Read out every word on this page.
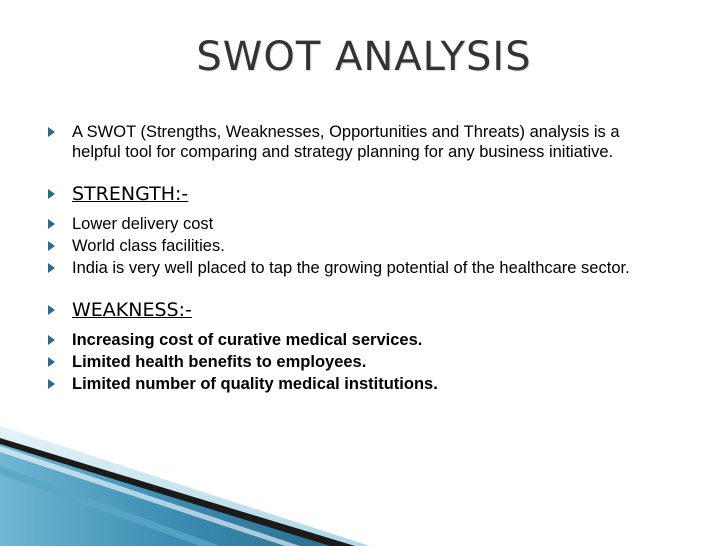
SWOT ANALYSIS
A SWOT (Strengths, Weaknesses, Opportunities and Threats) analysis is a helpful tool for comparing and strategy planning for any business initiative.
STRENGTH:-
Lower delivery cost
World class facilities.
India is very well placed to tap the growing potential of the healthcare sector.
WEAKNESS:-
Increasing cost of curative medical services.
Limited health benefits to employees.
Limited number of quality medical institutions.
